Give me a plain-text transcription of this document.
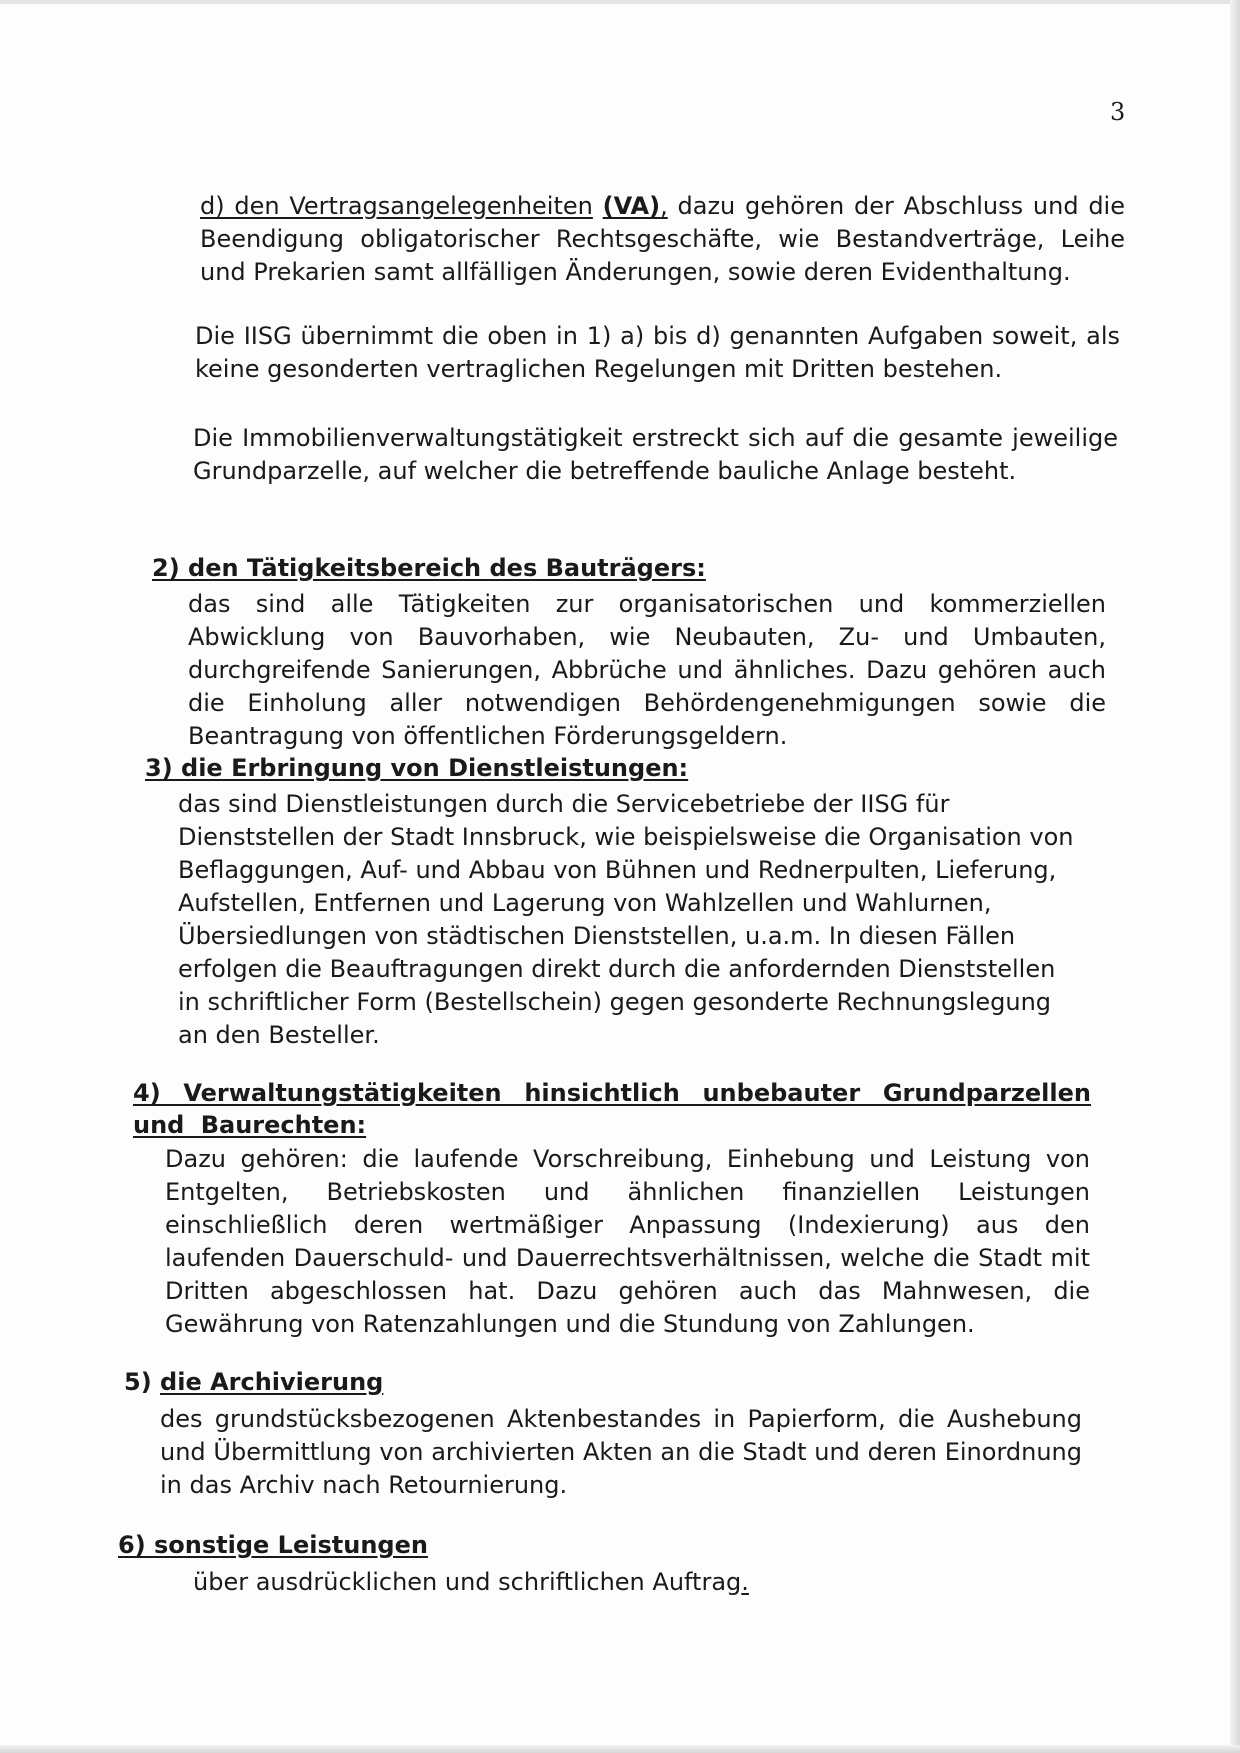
3

d) den Vertragsangelegenheiten (VA), dazu gehören der Abschluss und die Beendigung obligatorischer Rechtsgeschäfte, wie Bestandverträge, Leihe und Prekarien samt allfälligen Änderungen, sowie deren Evidenthaltung.

Die IISG übernimmt die oben in 1) a) bis d) genannten Aufgaben soweit, als keine gesonderten vertraglichen Regelungen mit Dritten bestehen.

Die Immobilienverwaltungstätigkeit erstreckt sich auf die gesamte jeweilige Grundparzelle, auf welcher die betreffende bauliche Anlage besteht.

2) den Tätigkeitsbereich des Bauträgers:

das sind alle Tätigkeiten zur organisatorischen und kommerziellen Abwicklung von Bauvorhaben, wie Neubauten, Zu- und Umbauten, durchgreifende Sanierungen, Abbrüche und ähnliches. Dazu gehören auch die Einholung aller notwendigen Behördengenehmigungen sowie die Beantragung von öffentlichen Förderungsgeldern.

3) die Erbringung von Dienstleistungen:

das sind Dienstleistungen durch die Servicebetriebe der IISG für Dienststellen der Stadt Innsbruck, wie beispielsweise die Organisation von Beflaggungen, Auf- und Abbau von Bühnen und Rednerpulten, Lieferung, Aufstellen, Entfernen und Lagerung von Wahlzellen und Wahlurnen, Übersiedlungen von städtischen Dienststellen, u.a.m. In diesen Fällen erfolgen die Beauftragungen direkt durch die anfordernden Dienststellen in schriftlicher Form (Bestellschein) gegen gesonderte Rechnungslegung an den Besteller.

4) Verwaltungstätigkeiten hinsichtlich unbebauter Grundparzellen und Baurechten:

Dazu gehören: die laufende Vorschreibung, Einhebung und Leistung von Entgelten, Betriebskosten und ähnlichen finanziellen Leistungen einschließlich deren wertmäßiger Anpassung (Indexierung) aus den laufenden Dauerschuld- und Dauerrechtsverhältnissen, welche die Stadt mit Dritten abgeschlossen hat. Dazu gehören auch das Mahnwesen, die Gewährung von Ratenzahlungen und die Stundung von Zahlungen.

5) die Archivierung

des grundstücksbezogenen Aktenbestandes in Papierform, die Aushebung und Übermittlung von archivierten Akten an die Stadt und deren Einordnung in das Archiv nach Retournierung.

6) sonstige Leistungen

über ausdrücklichen und schriftlichen Auftrag.
